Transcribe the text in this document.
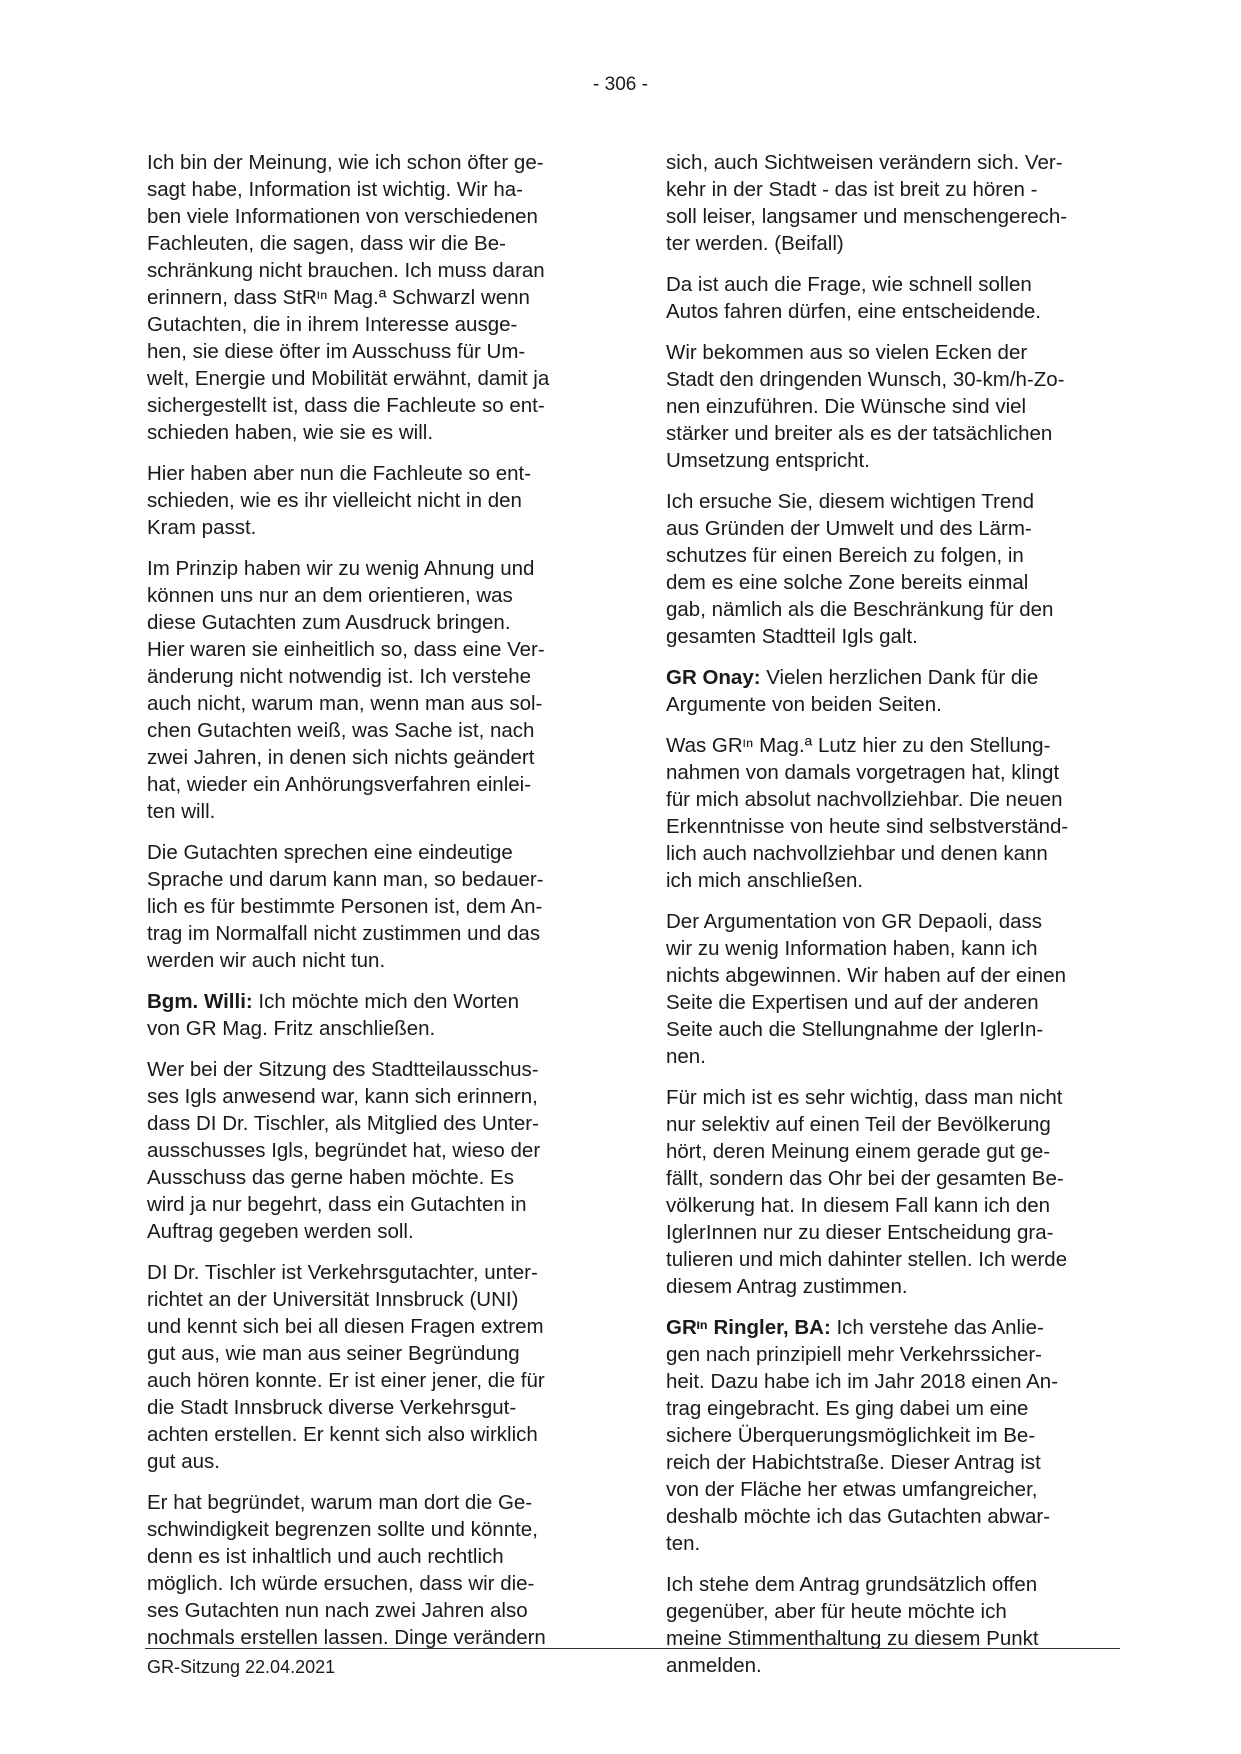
- 306 -

Ich bin der Meinung, wie ich schon öfter ge-
sagt habe, Information ist wichtig. Wir ha-
ben viele Informationen von verschiedenen
Fachleuten, die sagen, dass wir die Be-
schränkung nicht brauchen. Ich muss daran
erinnern, dass StRᶦⁿ Mag.ª Schwarzl wenn
Gutachten, die in ihrem Interesse ausge-
hen, sie diese öfter im Ausschuss für Um-
welt, Energie und Mobilität erwähnt, damit ja
sichergestellt ist, dass die Fachleute so ent-
schieden haben, wie sie es will.

Hier haben aber nun die Fachleute so ent-
schieden, wie es ihr vielleicht nicht in den
Kram passt.

Im Prinzip haben wir zu wenig Ahnung und
können uns nur an dem orientieren, was
diese Gutachten zum Ausdruck bringen.
Hier waren sie einheitlich so, dass eine Ver-
änderung nicht notwendig ist. Ich verstehe
auch nicht, warum man, wenn man aus sol-
chen Gutachten weiß, was Sache ist, nach
zwei Jahren, in denen sich nichts geändert
hat, wieder ein Anhörungsverfahren einlei-
ten will.

Die Gutachten sprechen eine eindeutige
Sprache und darum kann man, so bedauer-
lich es für bestimmte Personen ist, dem An-
trag im Normalfall nicht zustimmen und das
werden wir auch nicht tun.

Bgm. Willi: Ich möchte mich den Worten
von GR Mag. Fritz anschließen.

Wer bei der Sitzung des Stadtteilausschus-
ses Igls anwesend war, kann sich erinnern,
dass DI Dr. Tischler, als Mitglied des Unter-
ausschusses Igls, begründet hat, wieso der
Ausschuss das gerne haben möchte. Es
wird ja nur begehrt, dass ein Gutachten in
Auftrag gegeben werden soll.

DI Dr. Tischler ist Verkehrsgutachter, unter-
richtet an der Universität Innsbruck (UNI)
und kennt sich bei all diesen Fragen extrem
gut aus, wie man aus seiner Begründung
auch hören konnte. Er ist einer jener, die für
die Stadt Innsbruck diverse Verkehrsgut-
achten erstellen. Er kennt sich also wirklich
gut aus.

Er hat begründet, warum man dort die Ge-
schwindigkeit begrenzen sollte und könnte,
denn es ist inhaltlich und auch rechtlich
möglich. Ich würde ersuchen, dass wir die-
ses Gutachten nun nach zwei Jahren also
nochmals erstellen lassen. Dinge verändern

sich, auch Sichtweisen verändern sich. Ver-
kehr in der Stadt - das ist breit zu hören -
soll leiser, langsamer und menschengerech-
ter werden. (Beifall)

Da ist auch die Frage, wie schnell sollen
Autos fahren dürfen, eine entscheidende.

Wir bekommen aus so vielen Ecken der
Stadt den dringenden Wunsch, 30-km/h-Zo-
nen einzuführen. Die Wünsche sind viel
stärker und breiter als es der tatsächlichen
Umsetzung entspricht.

Ich ersuche Sie, diesem wichtigen Trend
aus Gründen der Umwelt und des Lärm-
schutzes für einen Bereich zu folgen, in
dem es eine solche Zone bereits einmal
gab, nämlich als die Beschränkung für den
gesamten Stadtteil Igls galt.

GR Onay: Vielen herzlichen Dank für die
Argumente von beiden Seiten.

Was GRᶦⁿ Mag.ª Lutz hier zu den Stellung-
nahmen von damals vorgetragen hat, klingt
für mich absolut nachvollziehbar. Die neuen
Erkenntnisse von heute sind selbstverständ-
lich auch nachvollziehbar und denen kann
ich mich anschließen.

Der Argumentation von GR Depaoli, dass
wir zu wenig Information haben, kann ich
nichts abgewinnen. Wir haben auf der einen
Seite die Expertisen und auf der anderen
Seite auch die Stellungnahme der IglerIn-
nen.

Für mich ist es sehr wichtig, dass man nicht
nur selektiv auf einen Teil der Bevölkerung
hört, deren Meinung einem gerade gut ge-
fällt, sondern das Ohr bei der gesamten Be-
völkerung hat. In diesem Fall kann ich den
IglerInnen nur zu dieser Entscheidung gra-
tulieren und mich dahinter stellen. Ich werde
diesem Antrag zustimmen.

GRᶦⁿ Ringler, BA: Ich verstehe das Anlie-
gen nach prinzipiell mehr Verkehrssicher-
heit. Dazu habe ich im Jahr 2018 einen An-
trag eingebracht. Es ging dabei um eine
sichere Überquerungsmöglichkeit im Be-
reich der Habichtstraße. Dieser Antrag ist
von der Fläche her etwas umfangreicher,
deshalb möchte ich das Gutachten abwar-
ten.

Ich stehe dem Antrag grundsätzlich offen
gegenüber, aber für heute möchte ich
meine Stimmenthaltung zu diesem Punkt
anmelden.

GR-Sitzung 22.04.2021
